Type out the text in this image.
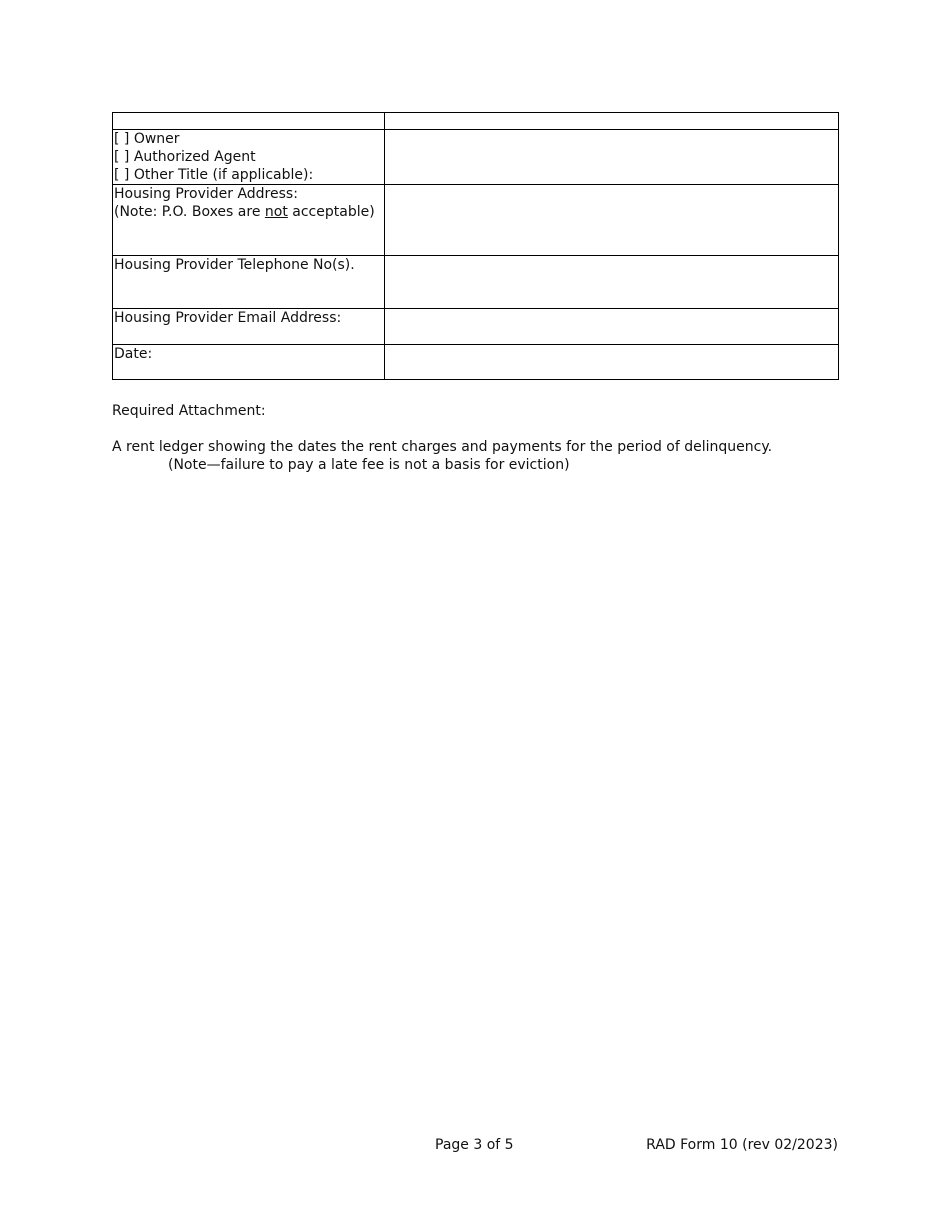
[ ] Owner
[ ] Authorized Agent
[ ] Other Title (if applicable):	

Housing Provider Address:
(Note: P.O. Boxes are not acceptable)	

Housing Provider Telephone No(s).	
Housing Provider Email Address:	
Date:	
Required Attachment:
A rent ledger showing the dates the rent charges and payments for the period of delinquency.
(Note—failure to pay a late fee is not a basis for eviction)
Page 3 of 5	RAD Form 10 (rev 02/2023)
